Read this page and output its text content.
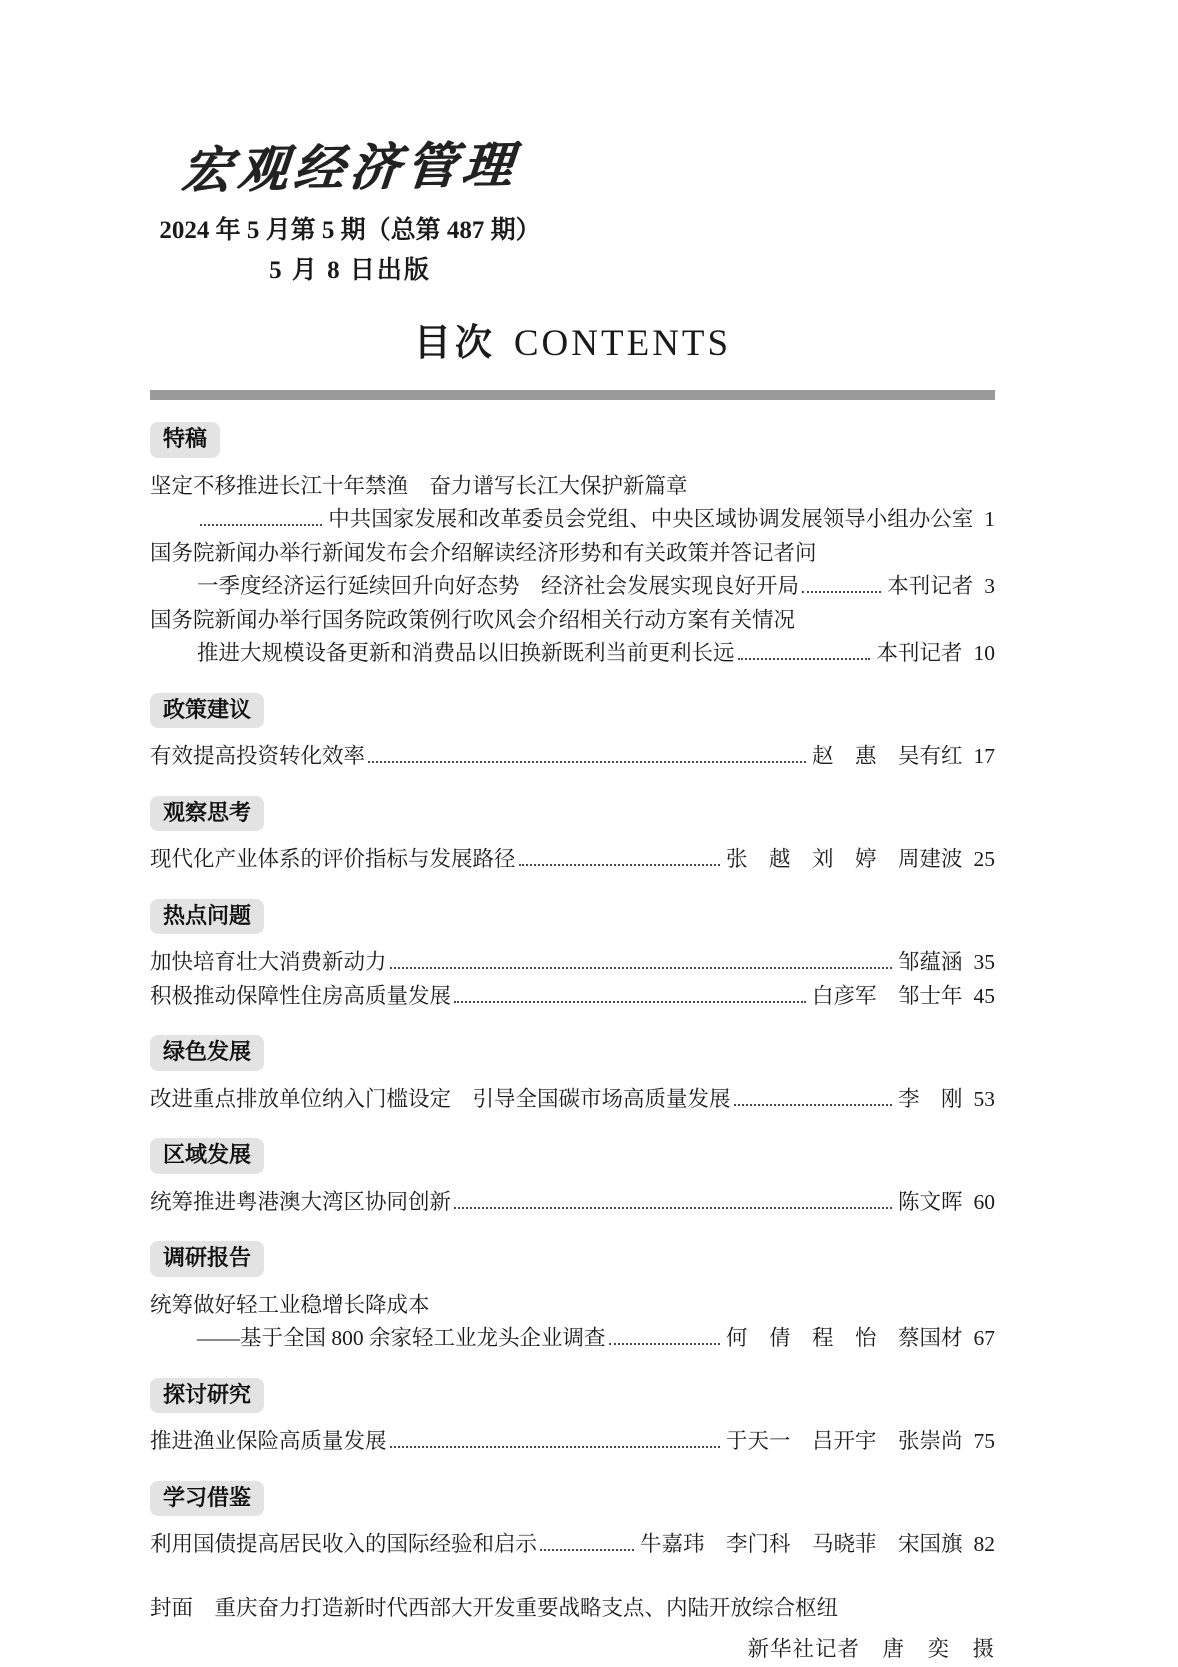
宏观经济管理
2024 年 5 月第 5 期（总第 487 期）
5 月 8 日出版
目次 CONTENTS
特稿
坚定不移推进长江十年禁渔　奋力谱写长江大保护新篇章
中共国家发展和改革委员会党组、中央区域协调发展领导小组办公室 1
国务院新闻办举行新闻发布会介绍解读经济形势和有关政策并答记者问
一季度经济运行延续回升向好态势　经济社会发展实现良好开局	本刊记者 3
国务院新闻办举行国务院政策例行吹风会介绍相关行动方案有关情况
推进大规模设备更新和消费品以旧换新既利当前更利长远	本刊记者 10
政策建议
有效提高投资转化效率	赵　惠　吴有红 17
观察思考
现代化产业体系的评价指标与发展路径	张　越　刘　婷　周建波 25
热点问题
加快培育壮大消费新动力	邹蕴涵 35
积极推动保障性住房高质量发展	白彦军　邹士年 45
绿色发展
改进重点排放单位纳入门槛设定　引导全国碳市场高质量发展	李　刚 53
区域发展
统筹推进粤港澳大湾区协同创新	陈文晖 60
调研报告
统筹做好轻工业稳增长降成本
——基于全国 800 余家轻工业龙头企业调查	何　倩　程　怡　蔡国材 67
探讨研究
推进渔业保险高质量发展	于天一　吕开宇　张崇尚 75
学习借鉴
利用国债提高居民收入的国际经验和启示	牛嘉玮　李门科　马晓菲　宋国旗 82
封面　重庆奋力打造新时代西部大开发重要战略支点、内陆开放综合枢纽
新华社记者　唐　奕　摄
